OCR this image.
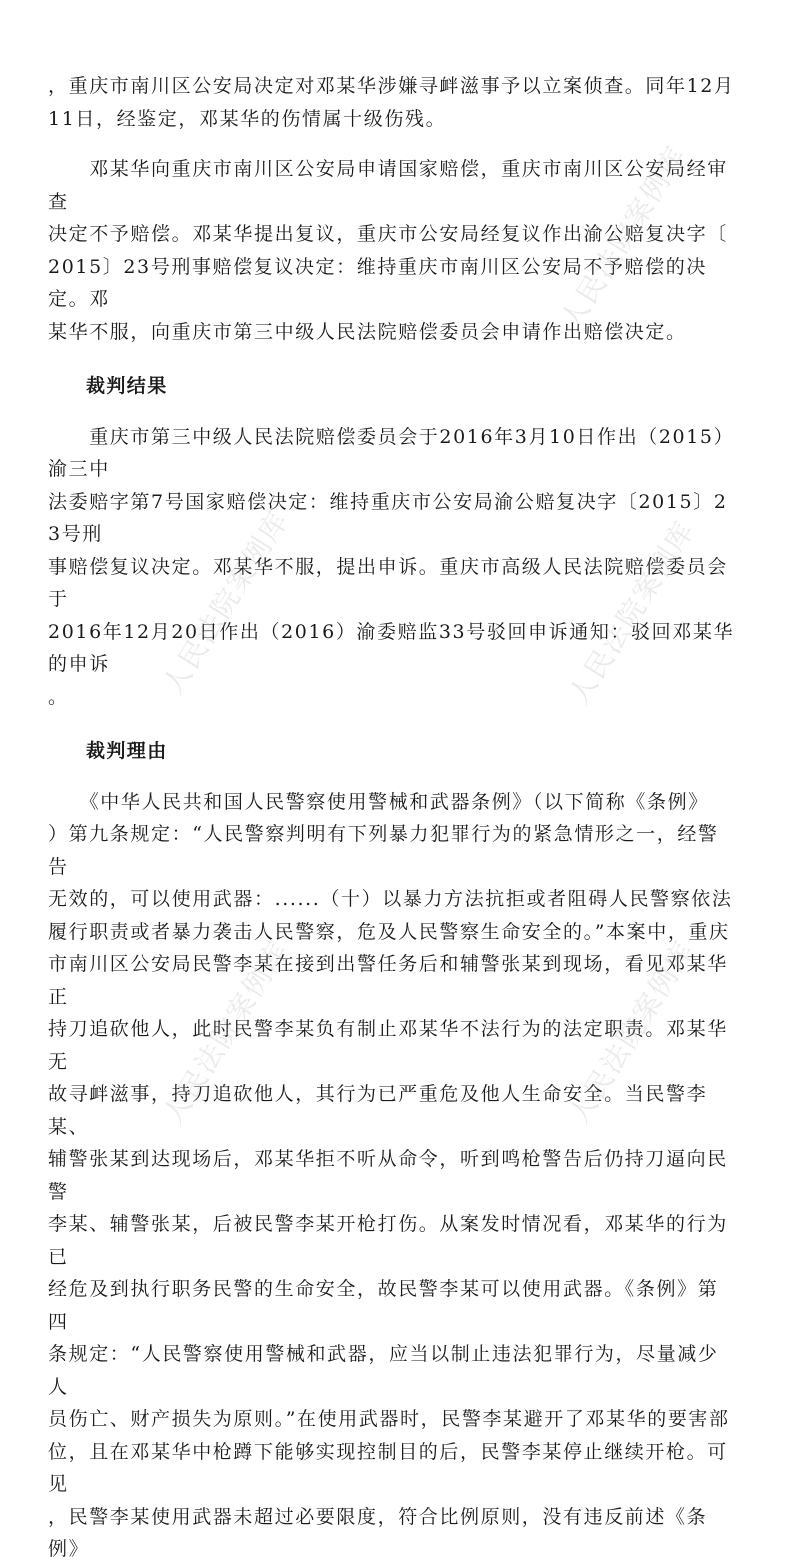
，重庆市南川区公安局决定对邓某华涉嫌寻衅滋事予以立案侦查。同年12月

11日，经鉴定，邓某华的伤情属十级伤残。

　　邓某华向重庆市南川区公安局申请国家赔偿，重庆市南川区公安局经审查

决定不予赔偿。邓某华提出复议，重庆市公安局经复议作出渝公赔复决字〔

2015〕23号刑事赔偿复议决定：维持重庆市南川区公安局不予赔偿的决定。邓

某华不服，向重庆市第三中级人民法院赔偿委员会申请作出赔偿决定。

裁判结果

　　重庆市第三中级人民法院赔偿委员会于2016年3月10日作出（2015）渝三中

法委赔字第7号国家赔偿决定：维持重庆市公安局渝公赔复决字〔2015〕23号刑

事赔偿复议决定。邓某华不服，提出申诉。重庆市高级人民法院赔偿委员会于

2016年12月20日作出（2016）渝委赔监33号驳回申诉通知：驳回邓某华的申诉

。

裁判理由

　　《中华人民共和国人民警察使用警械和武器条例》（以下简称《条例》

）第九条规定：“人民警察判明有下列暴力犯罪行为的紧急情形之一，经警告

无效的，可以使用武器：......（十）以暴力方法抗拒或者阻碍人民警察依法

履行职责或者暴力袭击人民警察，危及人民警察生命安全的。”本案中，重庆

市南川区公安局民警李某在接到出警任务后和辅警张某到现场，看见邓某华正

持刀追砍他人，此时民警李某负有制止邓某华不法行为的法定职责。邓某华无

故寻衅滋事，持刀追砍他人，其行为已严重危及他人生命安全。当民警李某、

辅警张某到达现场后，邓某华拒不听从命令，听到鸣枪警告后仍持刀逼向民警

李某、辅警张某，后被民警李某开枪打伤。从案发时情况看，邓某华的行为已

经危及到执行职务民警的生命安全，故民警李某可以使用武器。《条例》第四

条规定：“人民警察使用警械和武器，应当以制止违法犯罪行为，尽量减少人

员伤亡、财产损失为原则。”在使用武器时，民警李某避开了邓某华的要害部

位，且在邓某华中枪蹲下能够实现控制目的后，民警李某停止继续开枪。可见

，民警李某使用武器未超过必要限度，符合比例原则，没有违反前述《条例》

人民法院案例库
人民法院案例库	人民法院案例库
人民法院案例库	人民法院案例库
